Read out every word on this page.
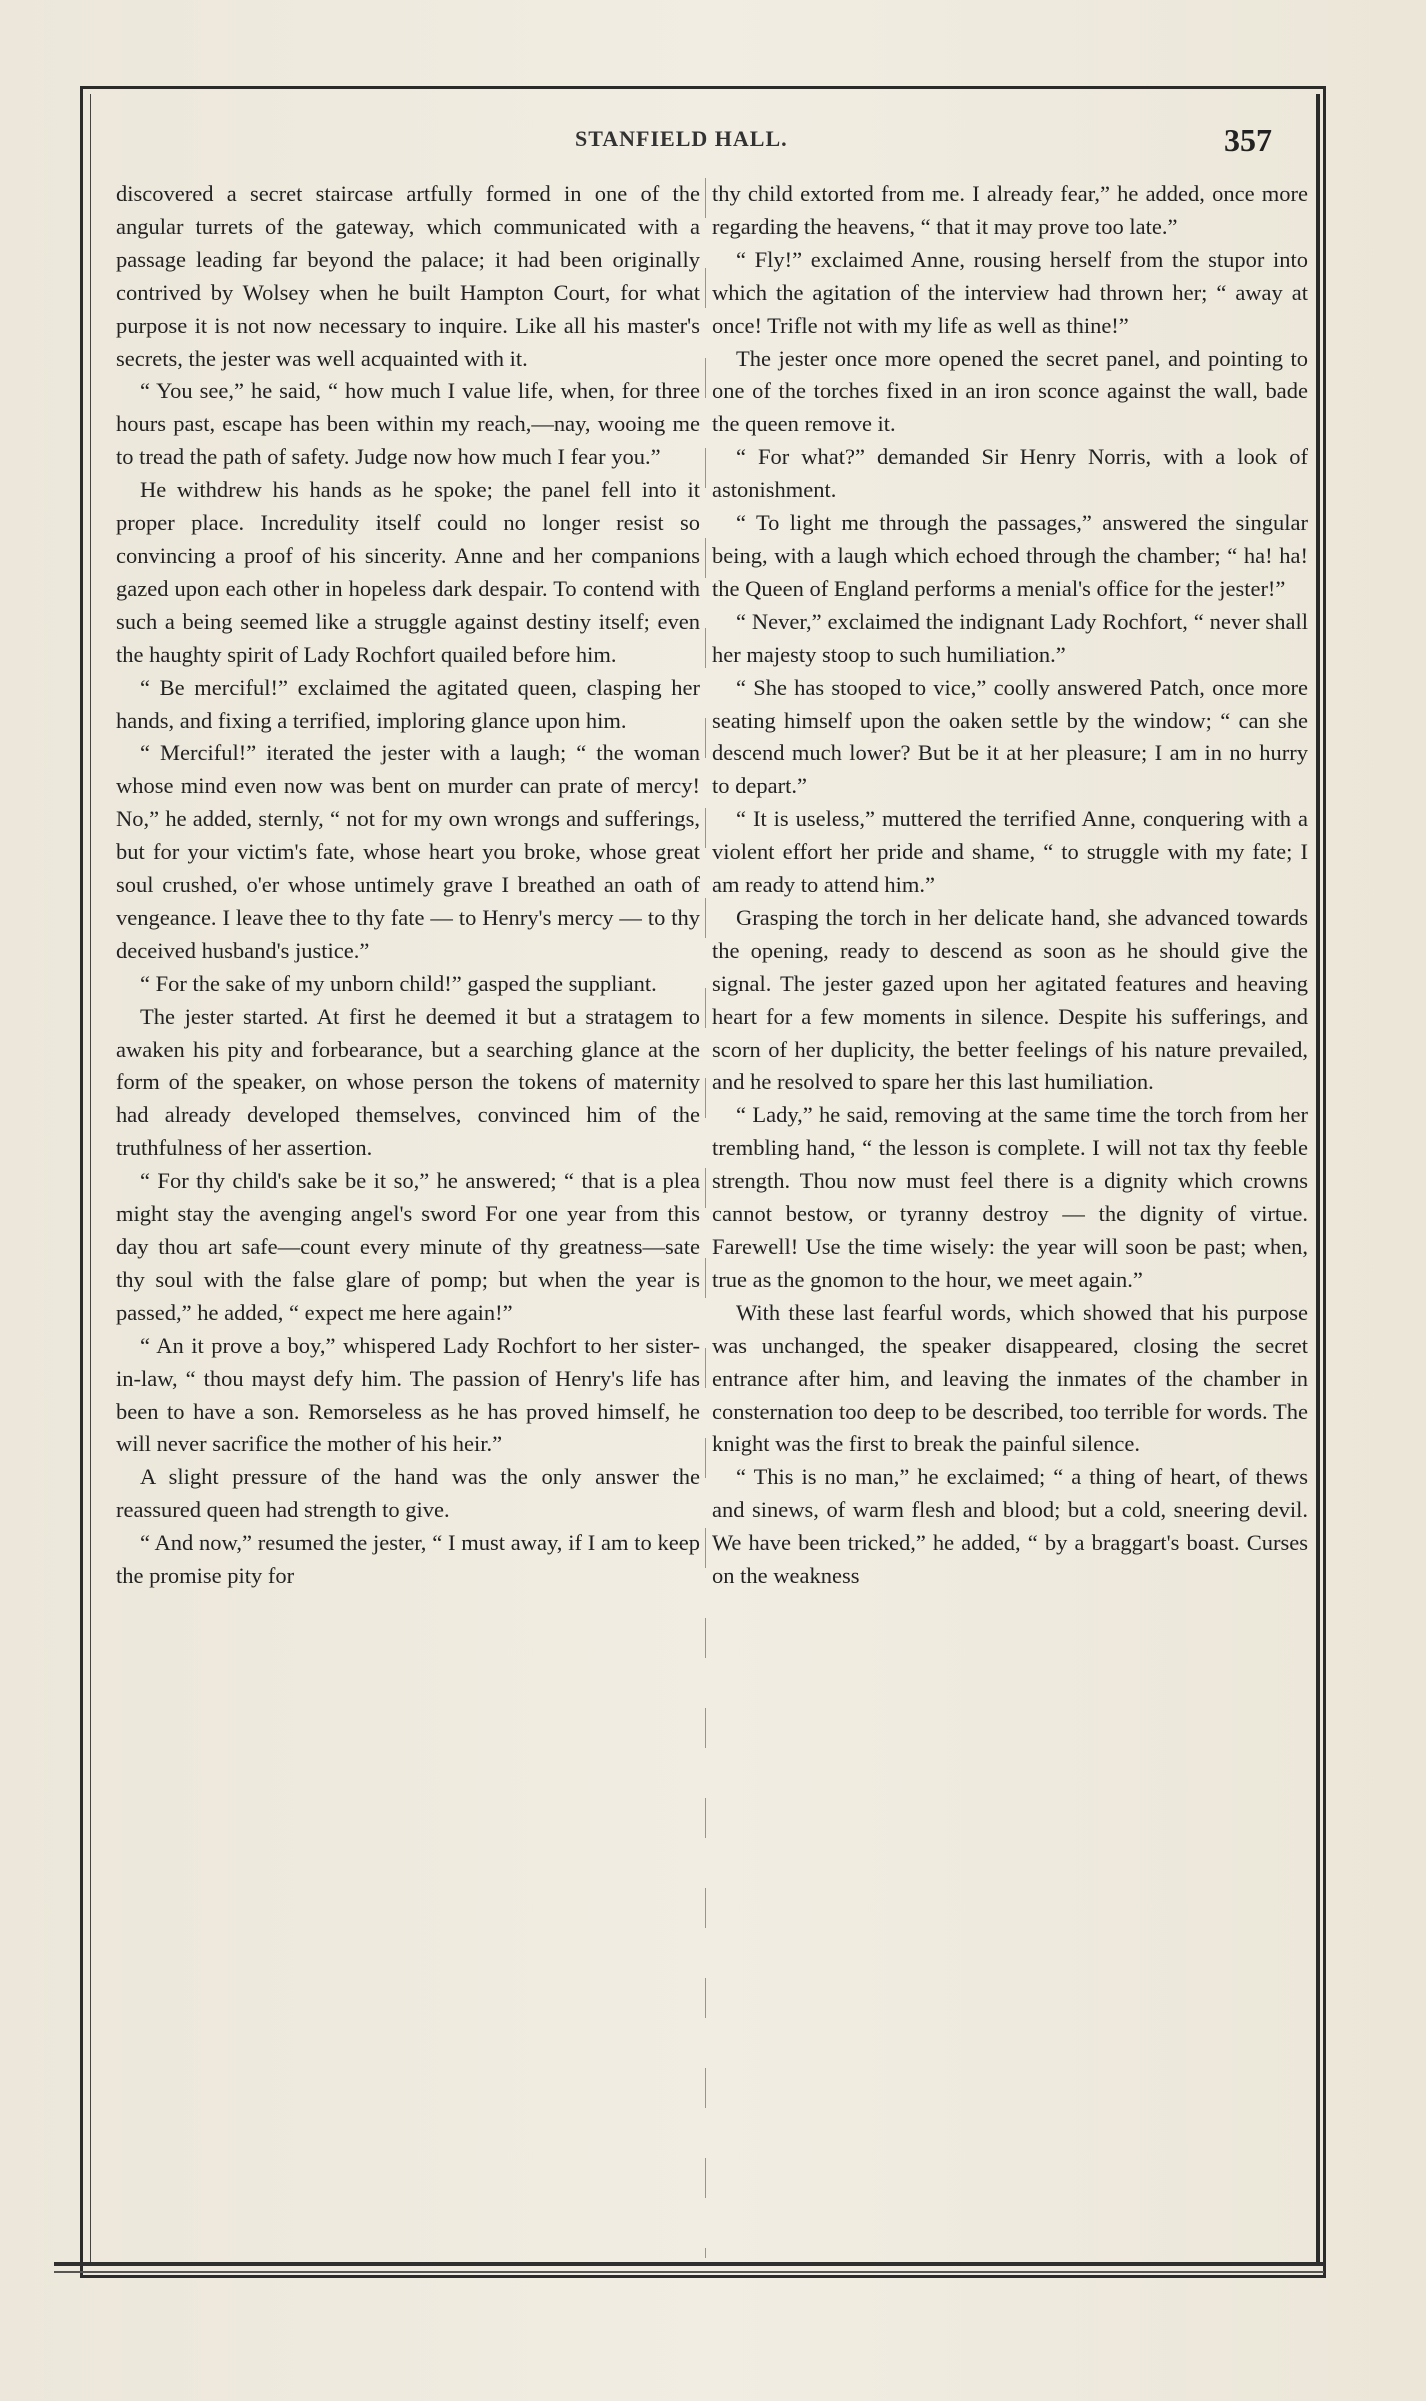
STANFIELD HALL.	357

discovered a secret staircase artfully formed in one of the angular turrets of the gateway, which communicated with a passage leading far beyond the palace; it had been originally contrived by Wolsey when he built Hampton Court, for what purpose it is not now necessary to inquire. Like all his master's secrets, the jester was well acquainted with it.

“ You see,” he said, “ how much I value life, when, for three hours past, escape has been within my reach,—nay, wooing me to tread the path of safety. Judge now how much I fear you.”

He withdrew his hands as he spoke; the panel fell into it proper place. Incredulity itself could no longer resist so convincing a proof of his sincerity. Anne and her companions gazed upon each other in hopeless dark despair. To contend with such a being seemed like a struggle against destiny itself; even the haughty spirit of Lady Rochfort quailed before him.

“ Be merciful!” exclaimed the agitated queen, clasping her hands, and fixing a terrified, imploring glance upon him.

“ Merciful!” iterated the jester with a laugh; “ the woman whose mind even now was bent on murder can prate of mercy! No,” he added, sternly, “ not for my own wrongs and sufferings, but for your victim's fate, whose heart you broke, whose great soul crushed, o'er whose untimely grave I breathed an oath of vengeance. I leave thee to thy fate — to Henry's mercy — to thy deceived husband's justice.”

“ For the sake of my unborn child!” gasped the suppliant.

The jester started. At first he deemed it but a stratagem to awaken his pity and forbearance, but a searching glance at the form of the speaker, on whose person the tokens of maternity had already developed themselves, convinced him of the truthfulness of her assertion.

“ For thy child's sake be it so,” he answered; “ that is a plea might stay the avenging angel's sword For one year from this day thou art safe—count every minute of thy greatness—sate thy soul with the false glare of pomp; but when the year is passed,” he added, “ expect me here again!”

“ An it prove a boy,” whispered Lady Rochfort to her sister-in-law, “ thou mayst defy him. The passion of Henry's life has been to have a son. Remorseless as he has proved himself, he will never sacrifice the mother of his heir.”

A slight pressure of the hand was the only answer the reassured queen had strength to give.

“ And now,” resumed the jester, “ I must away, if I am to keep the promise pity for

thy child extorted from me. I already fear,” he added, once more regarding the heavens, “ that it may prove too late.”

“ Fly!” exclaimed Anne, rousing herself from the stupor into which the agitation of the interview had thrown her; “ away at once! Trifle not with my life as well as thine!”

The jester once more opened the secret panel, and pointing to one of the torches fixed in an iron sconce against the wall, bade the queen remove it.

“ For what?” demanded Sir Henry Norris, with a look of astonishment.

“ To light me through the passages,” answered the singular being, with a laugh which echoed through the chamber; “ ha! ha! the Queen of England performs a menial's office for the jester!”

“ Never,” exclaimed the indignant Lady Rochfort, “ never shall her majesty stoop to such humiliation.”

“ She has stooped to vice,” coolly answered Patch, once more seating himself upon the oaken settle by the window; “ can she descend much lower? But be it at her pleasure; I am in no hurry to depart.”

“ It is useless,” muttered the terrified Anne, conquering with a violent effort her pride and shame, “ to struggle with my fate; I am ready to attend him.”

Grasping the torch in her delicate hand, she advanced towards the opening, ready to descend as soon as he should give the signal. The jester gazed upon her agitated features and heaving heart for a few moments in silence. Despite his sufferings, and scorn of her duplicity, the better feelings of his nature prevailed, and he resolved to spare her this last humiliation.

“ Lady,” he said, removing at the same time the torch from her trembling hand, “ the lesson is complete. I will not tax thy feeble strength. Thou now must feel there is a dignity which crowns cannot bestow, or tyranny destroy — the dignity of virtue. Farewell! Use the time wisely: the year will soon be past; when, true as the gnomon to the hour, we meet again.”

With these last fearful words, which showed that his purpose was unchanged, the speaker disappeared, closing the secret entrance after him, and leaving the inmates of the chamber in consternation too deep to be described, too terrible for words. The knight was the first to break the painful silence.

“ This is no man,” he exclaimed; “ a thing of heart, of thews and sinews, of warm flesh and blood; but a cold, sneering devil. We have been tricked,” he added, “ by a braggart's boast. Curses on the weakness
